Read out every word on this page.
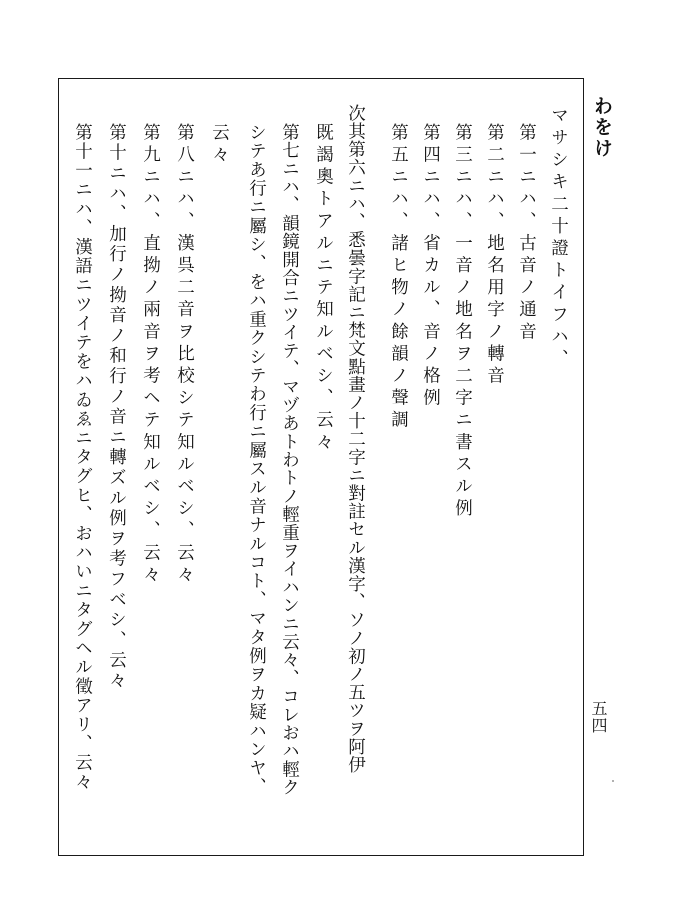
わをけ
五四
マサシキ二十證トイフハ、
第一ニハ、古音ノ通音
第二ニハ、地名用字ノ轉音
第三ニハ、一音ノ地名ヲ二字ニ書スル例
第四ニハ、省カル、音ノ格例
第五ニハ、諸ヒ物ノ餘韻ノ聲調
次其第六ニハ、悉曇字記ニ梵文點畫ノ十二字ニ對註セル漢字、ソノ初ノ五ツヲ阿伊
既謁奧トアルニテ知ルベシ、云々
第七ニハ、韻鏡開合ニツイテ、マヅあトわトノ輕重ヲイハンニ云々、コレおハ輕ク
シテあ行ニ屬シ、をハ重クシテわ行ニ屬スル音ナルコト、マタ例ヲカ疑ハンヤ、
云々
第八ニハ、漢呉二音ヲ比校シテ知ルベシ、云々
第九ニハ、直拗ノ兩音ヲ考ヘテ知ルベシ、云々
第十ニハ、加行ノ拗音ノ和行ノ音ニ轉ズル例ヲ考フベシ、云々
第十一ニハ、漢語ニツイテをハゐゑニタグヒ、おハいニタグヘル徵アリ、云々
